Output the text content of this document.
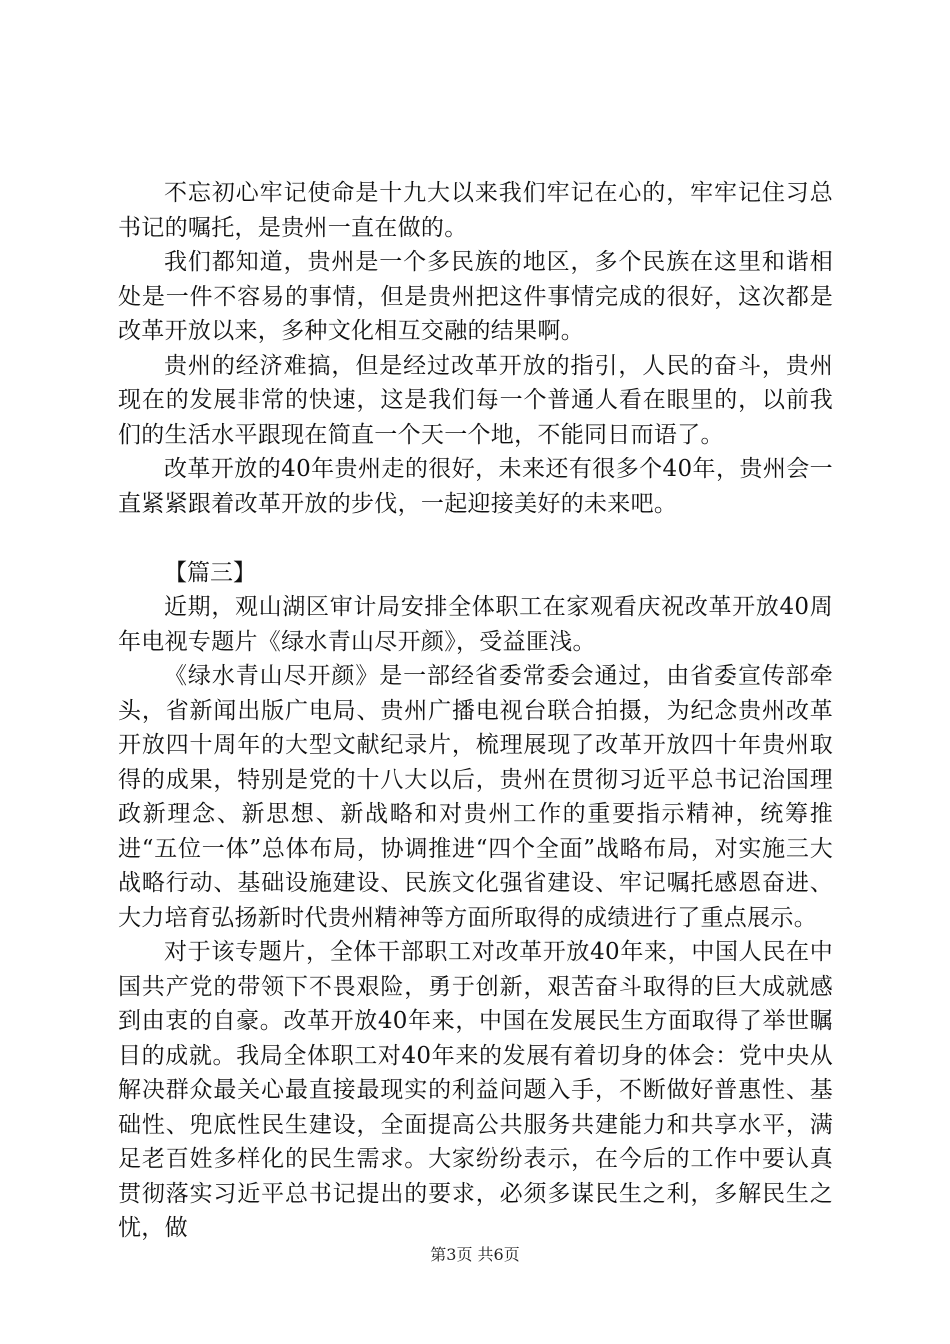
不忘初心牢记使命是十九大以来我们牢记在心的，牢牢记住习总书记的嘱托，是贵州一直在做的。

我们都知道，贵州是一个多民族的地区，多个民族在这里和谐相处是一件不容易的事情，但是贵州把这件事情完成的很好，这次都是改革开放以来，多种文化相互交融的结果啊。

贵州的经济难搞，但是经过改革开放的指引，人民的奋斗，贵州现在的发展非常的快速，这是我们每一个普通人看在眼里的，以前我们的生活水平跟现在简直一个天一个地，不能同日而语了。

改革开放的40年贵州走的很好，未来还有很多个40年，贵州会一直紧紧跟着改革开放的步伐，一起迎接美好的未来吧。

【篇三】

近期，观山湖区审计局安排全体职工在家观看庆祝改革开放40周年电视专题片《绿水青山尽开颜》，受益匪浅。

《绿水青山尽开颜》是一部经省委常委会通过，由省委宣传部牵头，省新闻出版广电局、贵州广播电视台联合拍摄，为纪念贵州改革开放四十周年的大型文献纪录片，梳理展现了改革开放四十年贵州取得的成果，特别是党的十八大以后，贵州在贯彻习近平总书记治国理政新理念、新思想、新战略和对贵州工作的重要指示精神，统筹推进“五位一体”总体布局，协调推进“四个全面”战略布局，对实施三大战略行动、基础设施建设、民族文化强省建设、牢记嘱托感恩奋进、大力培育弘扬新时代贵州精神等方面所取得的成绩进行了重点展示。

对于该专题片，全体干部职工对改革开放40年来，中国人民在中国共产党的带领下不畏艰险，勇于创新，艰苦奋斗取得的巨大成就感到由衷的自豪。改革开放40年来，中国在发展民生方面取得了举世瞩目的成就。我局全体职工对40年来的发展有着切身的体会：党中央从解决群众最关心最直接最现实的利益问题入手，不断做好普惠性、基础性、兜底性民生建设，全面提高公共服务共建能力和共享水平，满足老百姓多样化的民生需求。大家纷纷表示，在今后的工作中要认真贯彻落实习近平总书记提出的要求，必须多谋民生之利，多解民生之忧，做

第3页 共6页
